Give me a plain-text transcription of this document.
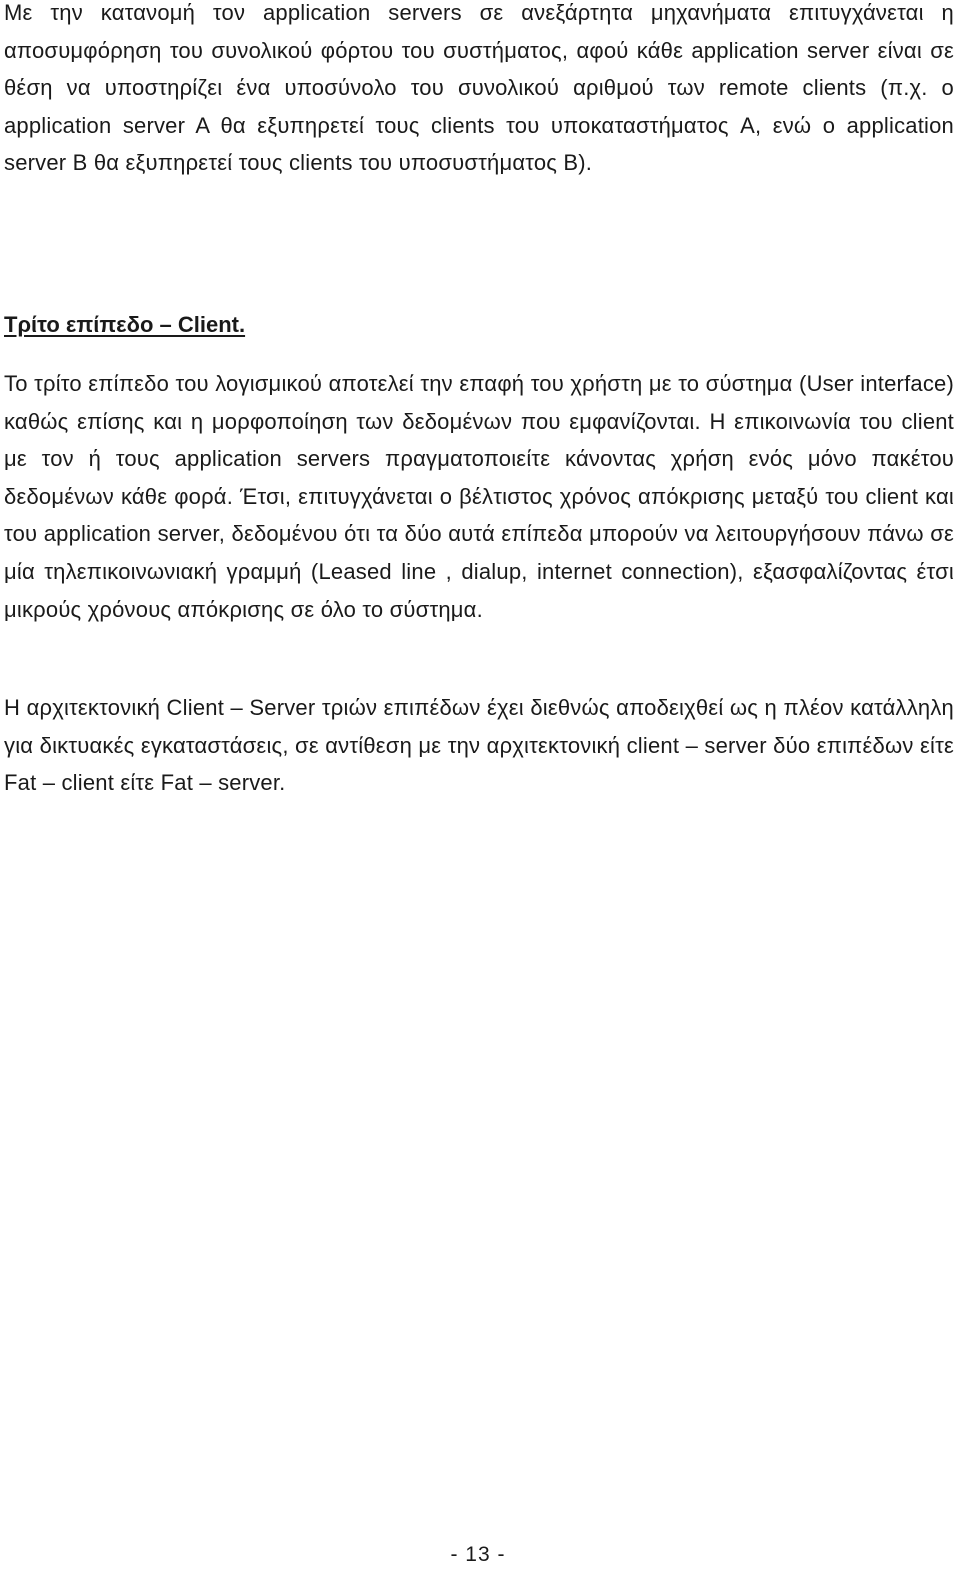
Με την κατανομή τον application servers σε ανεξάρτητα μηχανήματα επιτυγχάνεται η αποσυμφόρηση του συνολικού φόρτου του συστήματος, αφού κάθε application server είναι σε θέση να υποστηρίζει ένα υποσύνολο του συνολικού αριθμού των remote clients (π.χ. ο application server A θα εξυπηρετεί τους clients του υποκαταστήματος A, ενώ ο application server B θα εξυπηρετεί τους clients του υποσυστήματος B).

Τρίτο επίπεδο – Client.

Το τρίτο επίπεδο του λογισμικού αποτελεί την επαφή του χρήστη με το σύστημα (User interface) καθώς επίσης και η μορφοποίηση των δεδομένων που εμφανίζονται. Η επικοινωνία του client με τον ή τους application servers πραγματοποιείτε κάνοντας χρήση ενός μόνο πακέτου δεδομένων κάθε φορά. Έτσι, επιτυγχάνεται ο βέλτιστος χρόνος απόκρισης μεταξύ του client και του application server, δεδομένου ότι τα δύο αυτά επίπεδα μπορούν να λειτουργήσουν πάνω σε μία τηλεπικοινωνιακή γραμμή (Leased line , dialup, internet connection), εξασφαλίζοντας έτσι μικρούς χρόνους απόκρισης σε όλο το σύστημα.

Η αρχιτεκτονική Client – Server τριών επιπέδων έχει διεθνώς αποδειχθεί ως η πλέον κατάλληλη για δικτυακές εγκαταστάσεις, σε αντίθεση με την αρχιτεκτονική client – server δύο επιπέδων είτε Fat – client είτε Fat – server.

- 13 -
